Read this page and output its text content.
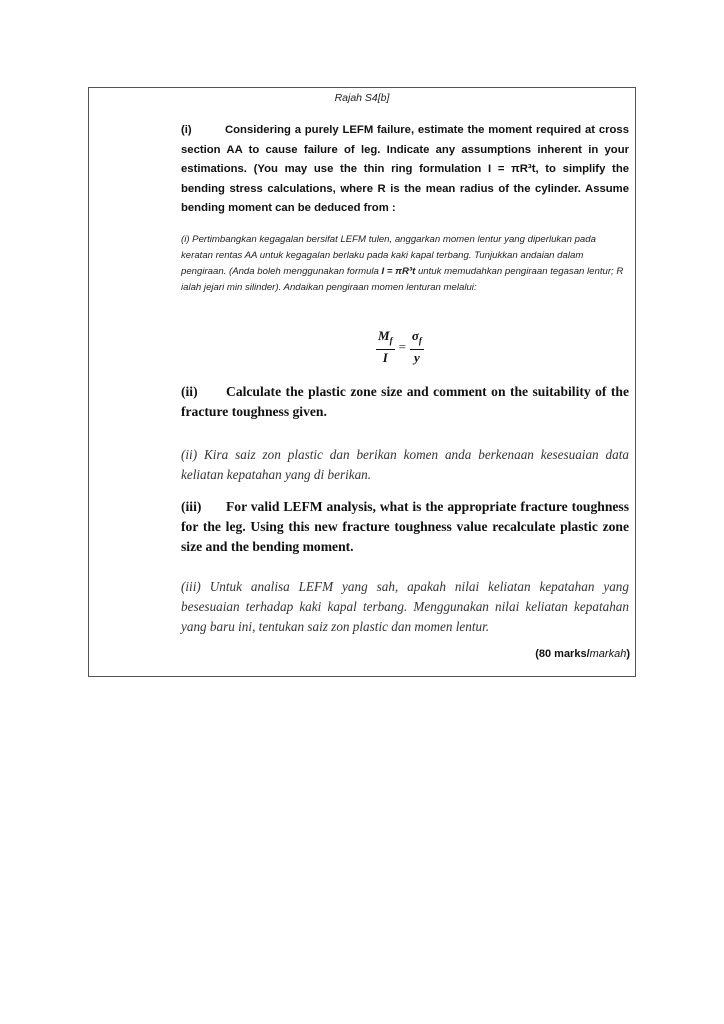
Rajah S4[b]
(i)	Considering a purely LEFM failure, estimate the moment required at cross section AA to cause failure of leg. Indicate any assumptions inherent in your estimations. (You may use the thin ring formulation I = πR³t, to simplify the bending stress calculations, where R is the mean radius of the cylinder. Assume bending moment can be deduced from :
(i) Pertimbangkan kegagalan bersifat LEFM tulen, anggarkan momen lentur yang diperlukan pada keratan rentas AA untuk kegagalan berlaku pada kaki kapal terbang. Tunjukkan andaian dalam pengiraan. (Anda boleh menggunakan formula I = πR³t untuk memudahkan pengiraan tegasan lentur; R ialah jejari min silinder). Andaikan pengiraan momen lenturan melalui:
$\frac{M_f}{I} = \frac{\sigma_f}{y}$
(ii) Calculate the plastic zone size and comment on the suitability of the fracture toughness given.
(ii) Kira saiz zon plastic dan berikan komen anda berkenaan kesesuaian data keliatan kepatahan yang di berikan.
(iii) For valid LEFM analysis, what is the appropriate fracture toughness for the leg. Using this new fracture toughness value recalculate plastic zone size and the bending moment.
(iii) Untuk analisa LEFM yang sah, apakah nilai keliatan kepatahan yang besesuaian terhadap kaki kapal terbang. Menggunakan nilai keliatan kepatahan yang baru ini, tentukan saiz zon plastic dan momen lentur.
(80 marks/markah)
